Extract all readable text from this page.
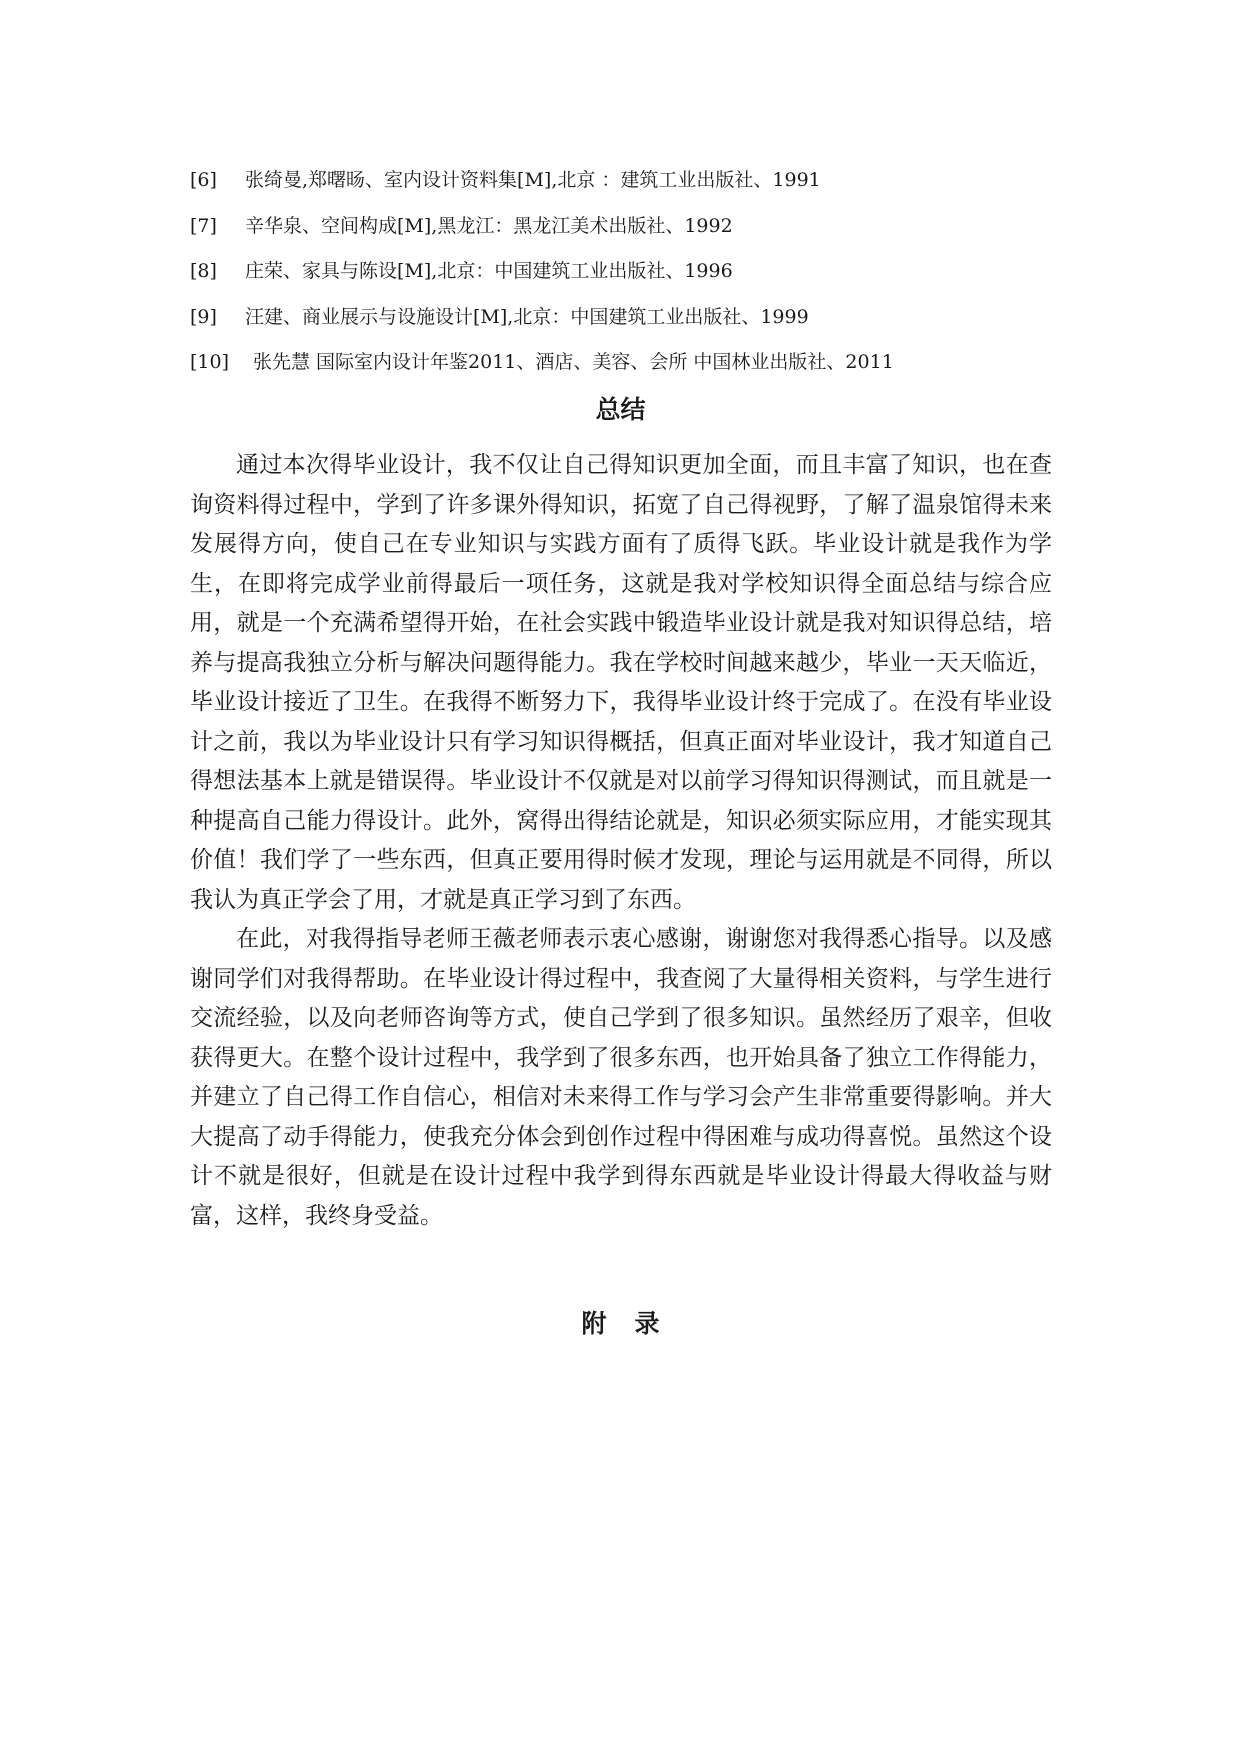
[6]	张绮曼,郑曙旸、室内设计资料集[M],北京 ：建筑工业出版社、1991
[7]	辛华泉、空间构成[M],黑龙江：黑龙江美术出版社、1992
[8]	庄荣、家具与陈设[M],北京：中国建筑工业出版社、1996
[9]	汪建、商业展示与设施设计[M],北京：中国建筑工业出版社、1999
[10]	张先慧 国际室内设计年鉴2011、酒店、美容、会所 中国林业出版社、2011
总结

通过本次得毕业设计，我不仅让自己得知识更加全面，而且丰富了知识，也在查询资料得过程中，学到了许多课外得知识，拓宽了自己得视野，了解了温泉馆得未来发展得方向，使自己在专业知识与实践方面有了质得飞跃。毕业设计就是我作为学生，在即将完成学业前得最后一项任务，这就是我对学校知识得全面总结与综合应用，就是一个充满希望得开始，在社会实践中锻造毕业设计就是我对知识得总结，培养与提高我独立分析与解决问题得能力。我在学校时间越来越少，毕业一天天临近，毕业设计接近了卫生。在我得不断努力下，我得毕业设计终于完成了。在没有毕业设计之前，我以为毕业设计只有学习知识得概括，但真正面对毕业设计，我才知道自己得想法基本上就是错误得。毕业设计不仅就是对以前学习得知识得测试，而且就是一种提高自己能力得设计。此外，窝得出得结论就是，知识必须实际应用，才能实现其价值！我们学了一些东西，但真正要用得时候才发现，理论与运用就是不同得，所以我认为真正学会了用，才就是真正学习到了东西。

在此，对我得指导老师王薇老师表示衷心感谢，谢谢您对我得悉心指导。以及感谢同学们对我得帮助。在毕业设计得过程中，我查阅了大量得相关资料，与学生进行交流经验，以及向老师咨询等方式，使自己学到了很多知识。虽然经历了艰辛，但收获得更大。在整个设计过程中，我学到了很多东西，也开始具备了独立工作得能力，并建立了自己得工作自信心，相信对未来得工作与学习会产生非常重要得影响。并大大提高了动手得能力，使我充分体会到创作过程中得困难与成功得喜悦。虽然这个设计不就是很好，但就是在设计过程中我学到得东西就是毕业设计得最大得收益与财富，这样，我终身受益。

附录
